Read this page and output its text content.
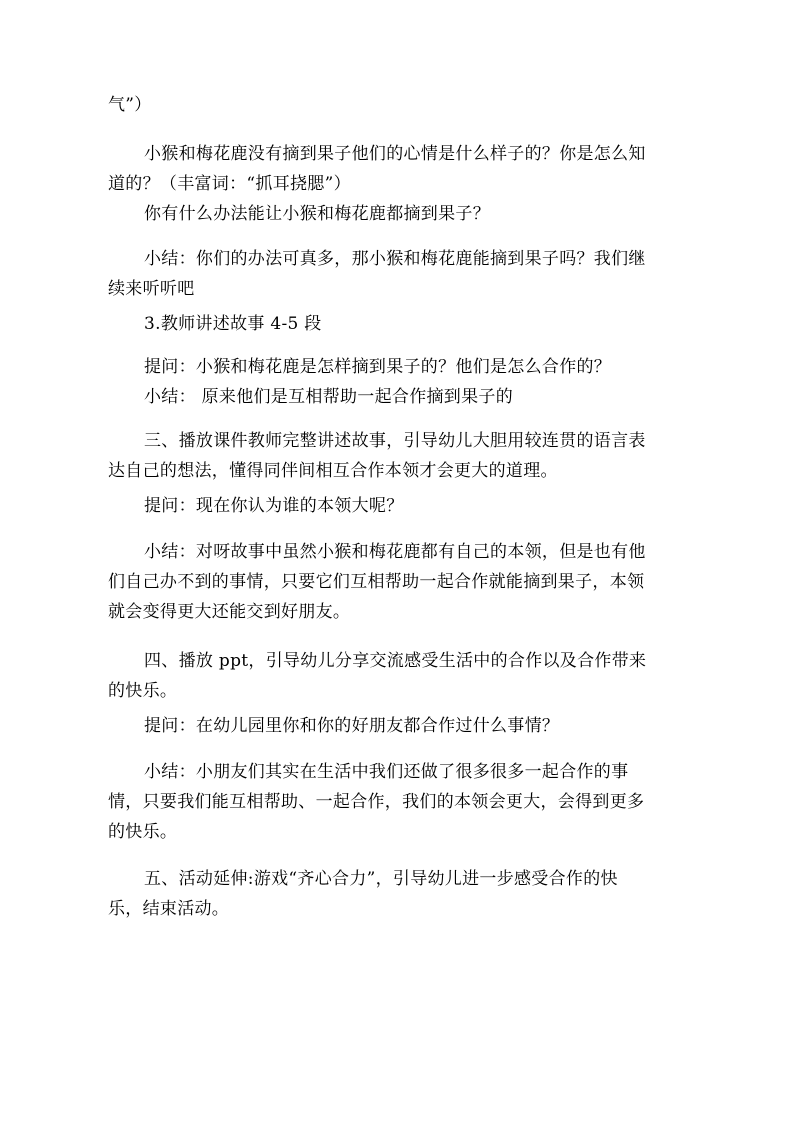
气”）
小猴和梅花鹿没有摘到果子他们的心情是什么样子的？你是怎么知
道的？（丰富词：“抓耳挠腮”）
你有什么办法能让小猴和梅花鹿都摘到果子？
小结：你们的办法可真多，那小猴和梅花鹿能摘到果子吗？我们继
续来听听吧
3.教师讲述故事 4-5 段
提问：小猴和梅花鹿是怎样摘到果子的？他们是怎么合作的？
小结： 原来他们是互相帮助一起合作摘到果子的
三、播放课件教师完整讲述故事，引导幼儿大胆用较连贯的语言表
达自己的想法，懂得同伴间相互合作本领才会更大的道理。
提问：现在你认为谁的本领大呢？
小结：对呀故事中虽然小猴和梅花鹿都有自己的本领，但是也有他
们自己办不到的事情，只要它们互相帮助一起合作就能摘到果子，本领
就会变得更大还能交到好朋友。
四、播放 ppt，引导幼儿分享交流感受生活中的合作以及合作带来
的快乐。
提问：在幼儿园里你和你的好朋友都合作过什么事情？
小结：小朋友们其实在生活中我们还做了很多很多一起合作的事
情，只要我们能互相帮助、一起合作，我们的本领会更大，会得到更多
的快乐。
五、活动延伸:游戏“齐心合力”，引导幼儿进一步感受合作的快
乐，结束活动。
